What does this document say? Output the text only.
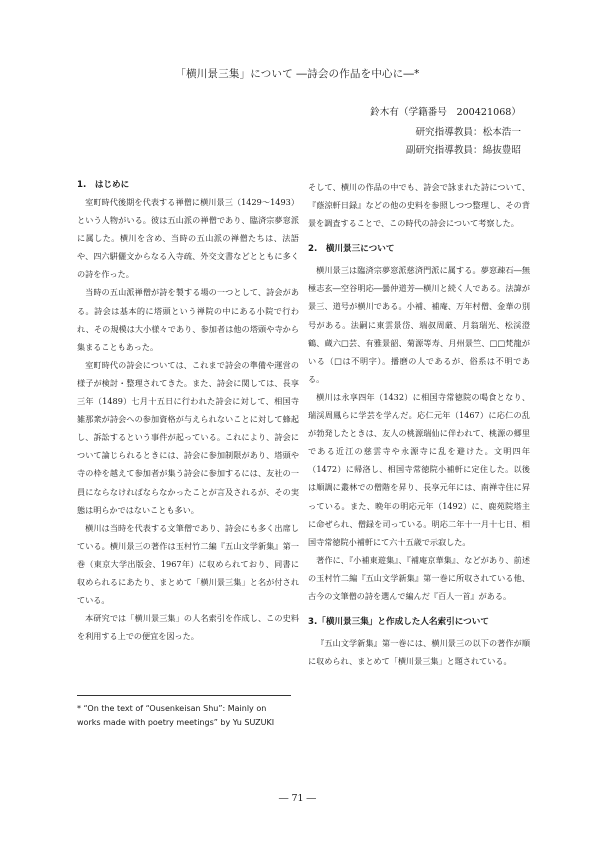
「横川景三集」について ―詩会の作品を中心に―*
鈴木有（学籍番号　200421068）
研究指導教員：松本浩一
副研究指導教員：綿抜豊昭
1.　はじめに
室町時代後期を代表する禅僧に横川景三（1429～1493）という人物がいる。彼は五山派の禅僧であり、臨済宗夢窓派に属した。横川を含め、当時の五山派の禅僧たちは、法語や、四六騈儷文からなる入寺疏、外交文書などとともに多くの詩を作った。
当時の五山派禅僧が詩を製する場の一つとして、詩会がある。詩会は基本的に塔頭という禅院の中にある小院で行われ、その規模は大小様々であり、参加者は他の塔頭や寺から集まることもあった。
室町時代の詩会については、これまで詩会の準備や運営の様子が検討・整理されてきた。また、詩会に関しては、長享三年（1489）七月十五日に行われた詩会に対して、相国寺雑那衆が詩会への参加資格が与えられないことに対して蜂起し、訴訟するという事件が起っている。これにより、詩会について論じられるときには、詩会に参加制限があり、塔頭や寺の枠を越えて参加者が集う詩会に参加するには、友社の一員にならなければならなかったことが言及されるが、その実態は明らかではないことも多い。
横川は当時を代表する文筆僧であり、詩会にも多く出席している。横川景三の著作は玉村竹二編『五山文学新集』第一巻（東京大学出版会、1967年）に収められており、同書に収められるにあたり、まとめて「横川景三集」と名が付されている。
本研究では「横川景三集」の人名索引を作成し、この史料を利用する上での便宜を図った。
そして、横川の作品の中でも、詩会で詠まれた詩について、『蔭涼軒日録』などの他の史料を参照しつつ整理し、その背景を調査することで、この時代の詩会について考察した。
2.　横川景三について
横川景三は臨済宗夢窓派慈済門派に属する。夢窓疎石―無極志玄―空谷明応―曇仲道芳―横川と続く人である。法諱が景三、道号が横川である。小補、補庵、万年村僧、金華の別号がある。法嗣に東雲景岱、端叔周厳、月翁瑞光、松渓澄鶴、蔵六□芸、有雅景韶、菊源等寿、月州景竺、□□梵龍がいる（□は不明字）。播磨の人であるが、俗系は不明である。
横川は永享四年（1432）に相国寺常徳院の喝食となり、瑞渓周鳳らに学芸を学んだ。応仁元年（1467）に応仁の乱が勃発したときは、友人の桃源瑞仙に伴われて、桃源の郷里である近江の慈雲寺や永源寺に乱を避けた。文明四年（1472）に帰洛し、相国寺常徳院小補軒に定住した。以後は順調に叢林での僧階を昇り、長享元年には、南禅寺住に昇っている。また、晩年の明応元年（1492）に、鹿苑院塔主に命ぜられ、僧録を司っている。明応二年十一月十七日、相国寺常徳院小補軒にて六十五歳で示寂した。
著作に、『小補東遊集』、『補庵京華集』、などがあり、前述の玉村竹二編『五山文学新集』第一巻に所収されている他、古今の文筆僧の詩を選んで編んだ『百人一首』がある。
3.「横川景三集」と作成した人名索引について
『五山文学新集』第一巻には、横川景三の以下の著作が順に収められ、まとめて「横川景三集」と題されている。
* “On the text of “Ousenkeisan Shu”: Mainly on works made with poetry meetings” by Yu SUZUKI
― 71 ―
